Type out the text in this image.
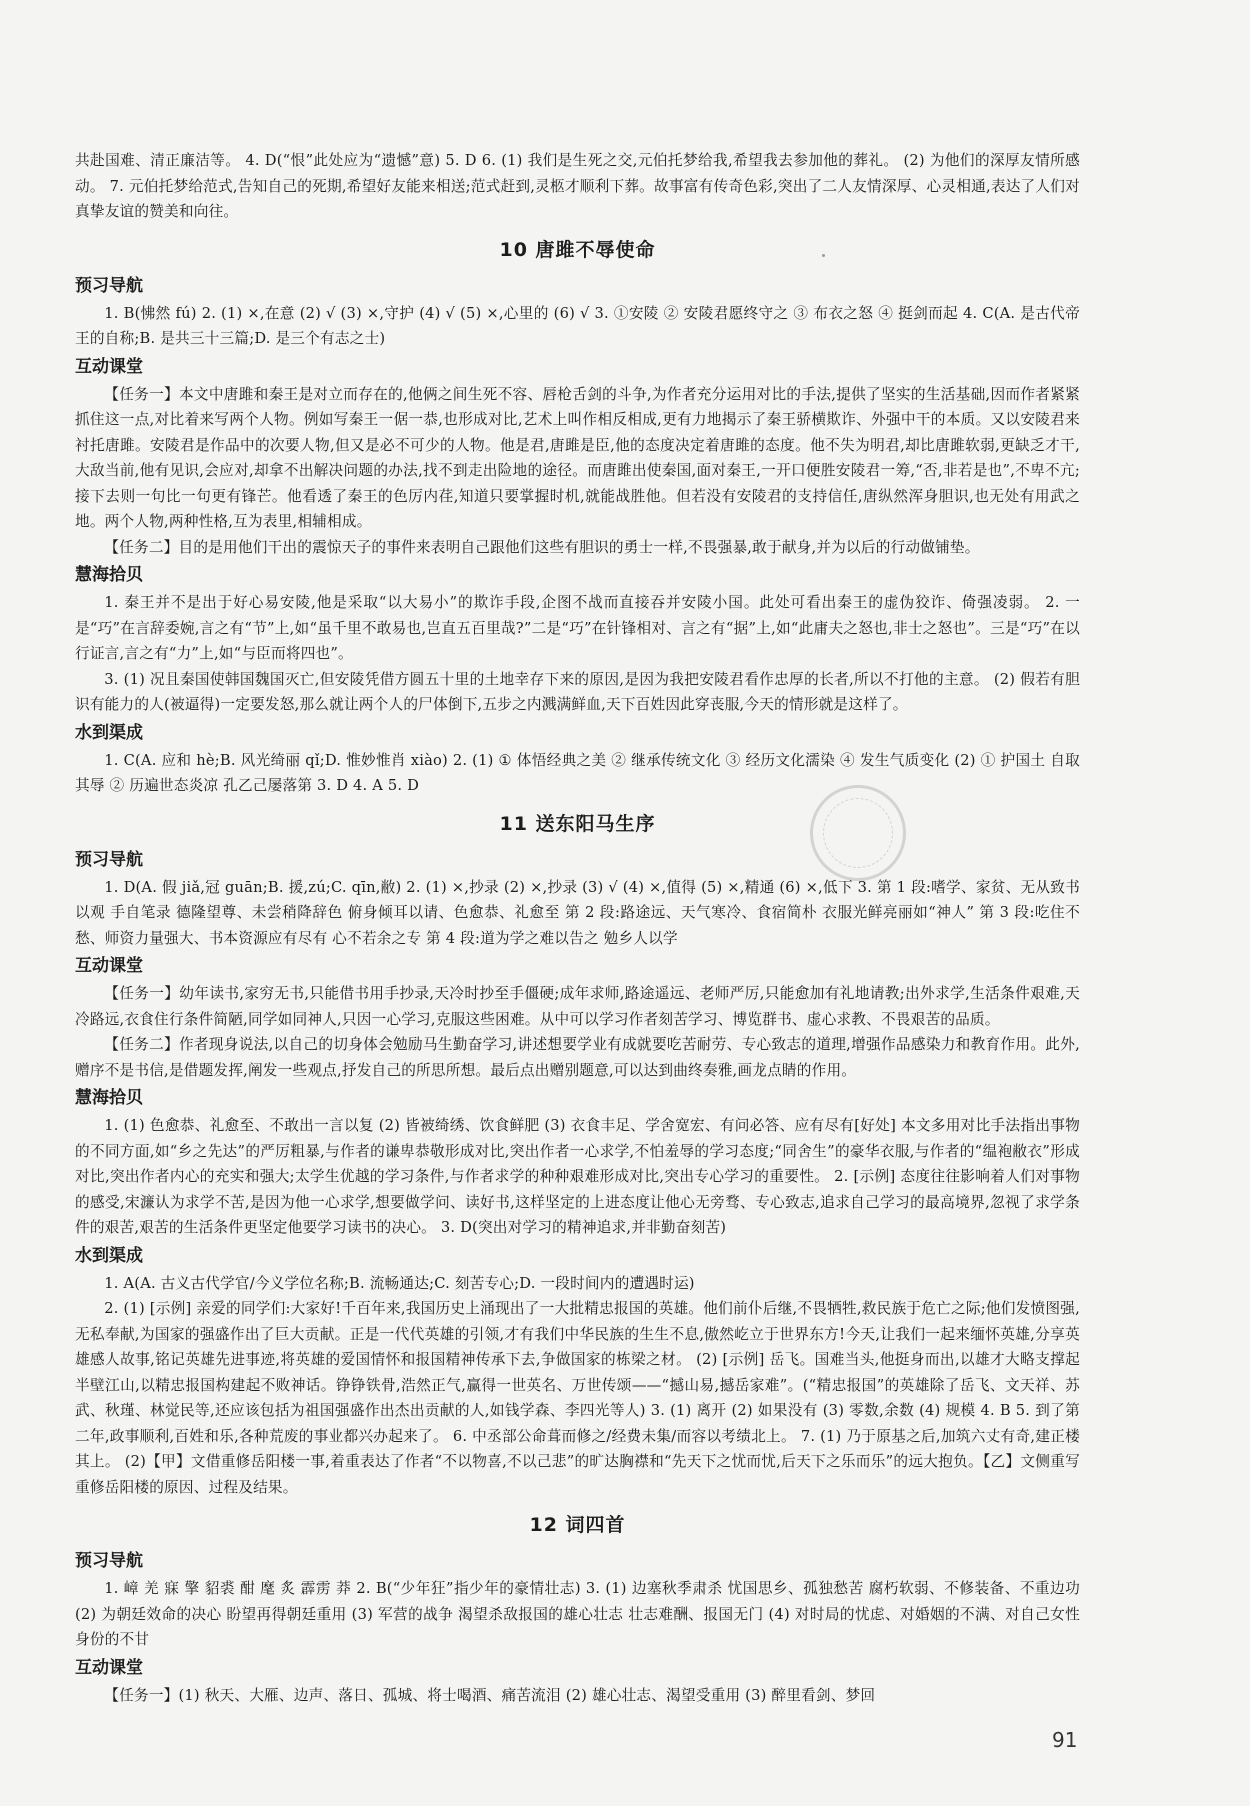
共赴国难、清正廉洁等。 4. D(“恨”此处应为“遗憾”意) 5. D 6. (1) 我们是生死之交,元伯托梦给我,希望我去参加他的葬礼。 (2) 为他们的深厚友情所感动。 7. 元伯托梦给范式,告知自己的死期,希望好友能来相送;范式赶到,灵柩才顺利下葬。故事富有传奇色彩,突出了二人友情深厚、心灵相通,表达了人们对真挚友谊的赞美和向往。

10 唐雎不辱使命
预习导航

1. B(怫然 fú) 2. (1) ×,在意 (2) √ (3) ×,守护 (4) √ (5) ×,心里的 (6) √ 3. ①安陵 ② 安陵君愿终守之 ③ 布衣之怒 ④ 挺剑而起 4. C(A. 是古代帝王的自称;B. 是共三十三篇;D. 是三个有志之士)

互动课堂

【任务一】本文中唐雎和秦王是对立而存在的,他俩之间生死不容、唇枪舌剑的斗争,为作者充分运用对比的手法,提供了坚实的生活基础,因而作者紧紧抓住这一点,对比着来写两个人物。例如写秦王一倨一恭,也形成对比,艺术上叫作相反相成,更有力地揭示了秦王骄横欺诈、外强中干的本质。又以安陵君来衬托唐雎。安陵君是作品中的次要人物,但又是必不可少的人物。他是君,唐雎是臣,他的态度决定着唐雎的态度。他不失为明君,却比唐雎软弱,更缺乏才干,大敌当前,他有见识,会应对,却拿不出解决问题的办法,找不到走出险地的途径。而唐雎出使秦国,面对秦王,一开口便胜安陵君一筹,“否,非若是也”,不卑不亢;接下去则一句比一句更有锋芒。他看透了秦王的色厉内荏,知道只要掌握时机,就能战胜他。但若没有安陵君的支持信任,唐纵然浑身胆识,也无处有用武之地。两个人物,两种性格,互为表里,相辅相成。

【任务二】目的是用他们干出的震惊天子的事件来表明自己跟他们这些有胆识的勇士一样,不畏强暴,敢于献身,并为以后的行动做铺垫。

慧海拾贝

1. 秦王并不是出于好心易安陵,他是采取“以大易小”的欺诈手段,企图不战而直接吞并安陵小国。此处可看出秦王的虚伪狡诈、倚强凌弱。 2. 一是“巧”在言辞委婉,言之有“节”上,如“虽千里不敢易也,岂直五百里哉?”二是“巧”在针锋相对、言之有“据”上,如“此庸夫之怒也,非士之怒也”。三是“巧”在以行证言,言之有“力”上,如“与臣而将四也”。

3. (1) 况且秦国使韩国魏国灭亡,但安陵凭借方圆五十里的土地幸存下来的原因,是因为我把安陵君看作忠厚的长者,所以不打他的主意。 (2) 假若有胆识有能力的人(被逼得)一定要发怒,那么就让两个人的尸体倒下,五步之内溅满鲜血,天下百姓因此穿丧服,今天的情形就是这样了。

水到渠成

1. C(A. 应和 hè;B. 风光绮丽 qǐ;D. 惟妙惟肖 xiào) 2. (1) ① 体悟经典之美 ② 继承传统文化 ③ 经历文化濡染 ④ 发生气质变化 (2) ① 护国土 自取其辱 ② 历遍世态炎凉 孔乙己屡落第 3. D 4. A 5. D

11 送东阳马生序
预习导航

1. D(A. 假 jiǎ,冠 guān;B. 援,zú;C. qīn,敝) 2. (1) ×,抄录 (2) ×,抄录 (3) √ (4) ×,值得 (5) ×,精通 (6) ×,低下 3. 第 1 段:嗜学、家贫、无从致书以观 手自笔录 德隆望尊、未尝稍降辞色 俯身倾耳以请、色愈恭、礼愈至 第 2 段:路途远、天气寒冷、食宿简朴 衣服光鲜亮丽如“神人” 第 3 段:吃住不愁、师资力量强大、书本资源应有尽有 心不若余之专 第 4 段:道为学之难以告之 勉乡人以学

互动课堂

【任务一】幼年读书,家穷无书,只能借书用手抄录,天冷时抄至手僵硬;成年求师,路途遥远、老师严厉,只能愈加有礼地请教;出外求学,生活条件艰难,天冷路远,衣食住行条件简陋,同学如同神人,只因一心学习,克服这些困难。从中可以学习作者刻苦学习、博览群书、虚心求教、不畏艰苦的品质。

【任务二】作者现身说法,以自己的切身体会勉励马生勤奋学习,讲述想要学业有成就要吃苦耐劳、专心致志的道理,增强作品感染力和教育作用。此外,赠序不是书信,是借题发挥,阐发一些观点,抒发自己的所思所想。最后点出赠别题意,可以达到曲终奏雅,画龙点睛的作用。

慧海拾贝

1. (1) 色愈恭、礼愈至、不敢出一言以复 (2) 皆被绮绣、饮食鲜肥 (3) 衣食丰足、学舍宽宏、有问必答、应有尽有[好处] 本文多用对比手法指出事物的不同方面,如“乡之先达”的严厉粗暴,与作者的谦卑恭敬形成对比,突出作者一心求学,不怕羞辱的学习态度;“同舍生”的豪华衣服,与作者的“缊袍敝衣”形成对比,突出作者内心的充实和强大;太学生优越的学习条件,与作者求学的种种艰难形成对比,突出专心学习的重要性。 2. [示例] 态度往往影响着人们对事物的感受,宋濂认为求学不苦,是因为他一心求学,想要做学问、读好书,这样坚定的上进态度让他心无旁骛、专心致志,追求自己学习的最高境界,忽视了求学条件的艰苦,艰苦的生活条件更坚定他要学习读书的决心。 3. D(突出对学习的精神追求,并非勤奋刻苦)

水到渠成

1. A(A. 古义古代学官/今义学位名称;B. 流畅通达;C. 刻苦专心;D. 一段时间内的遭遇时运)

2. (1) [示例] 亲爱的同学们:大家好!千百年来,我国历史上涌现出了一大批精忠报国的英雄。他们前仆后继,不畏牺牲,救民族于危亡之际;他们发愤图强,无私奉献,为国家的强盛作出了巨大贡献。正是一代代英雄的引领,才有我们中华民族的生生不息,傲然屹立于世界东方!今天,让我们一起来缅怀英雄,分享英雄感人故事,铭记英雄先进事迹,将英雄的爱国情怀和报国精神传承下去,争做国家的栋梁之材。 (2) [示例] 岳飞。国难当头,他挺身而出,以雄才大略支撑起半壁江山,以精忠报国构建起不败神话。铮铮铁骨,浩然正气,赢得一世英名、万世传颂——“撼山易,撼岳家难”。(“精忠报国”的英雄除了岳飞、文天祥、苏武、秋瑾、林觉民等,还应该包括为祖国强盛作出杰出贡献的人,如钱学森、李四光等人) 3. (1) 离开 (2) 如果没有 (3) 零数,余数 (4) 规模 4. B 5. 到了第二年,政事顺利,百姓和乐,各种荒废的事业都兴办起来了。 6. 中丞部公命葺而修之/经费未集/而容以考绩北上。 7. (1) 乃于原基之后,加筑六丈有奇,建正楼其上。 (2)【甲】文借重修岳阳楼一事,着重表达了作者“不以物喜,不以己悲”的旷达胸襟和“先天下之忧而忧,后天下之乐而乐”的远大抱负。【乙】文侧重写重修岳阳楼的原因、过程及结果。

12 词四首
预习导航

1. 嶂 羌 寐 擎 貂裘 酣 麾 炙 霹雳 莽 2. B(“少年狂”指少年的豪情壮志) 3. (1) 边塞秋季肃杀 忧国思乡、孤独愁苦 腐朽软弱、不修装备、不重边功 (2) 为朝廷效命的决心 盼望再得朝廷重用 (3) 军营的战争 渴望杀敌报国的雄心壮志 壮志难酬、报国无门 (4) 对时局的忧虑、对婚姻的不满、对自己女性身份的不甘

互动课堂

【任务一】(1) 秋天、大雁、边声、落日、孤城、将士喝酒、痛苦流泪 (2) 雄心壮志、渴望受重用 (3) 醉里看剑、梦回

91
